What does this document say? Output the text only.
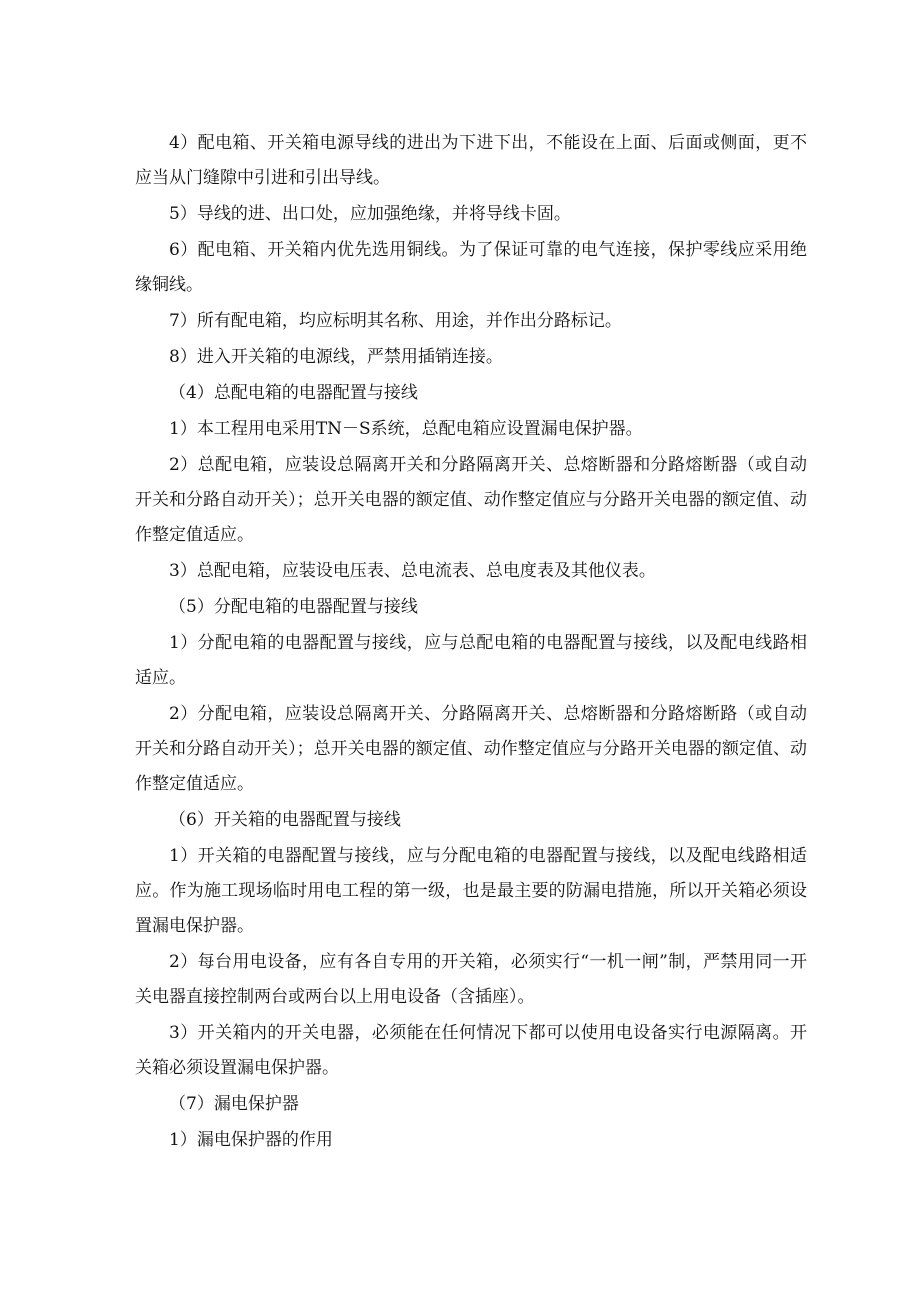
4）配电箱、开关箱电源导线的进出为下进下出，不能设在上面、后面或侧面，更不应当从门缝隙中引进和引出导线。

5）导线的进、出口处，应加强绝缘，并将导线卡固。

6）配电箱、开关箱内优先选用铜线。为了保证可靠的电气连接，保护零线应采用绝缘铜线。

7）所有配电箱，均应标明其名称、用途，并作出分路标记。

8）进入开关箱的电源线，严禁用插销连接。

（4）总配电箱的电器配置与接线

1）本工程用电采用TN－S系统，总配电箱应设置漏电保护器。

2）总配电箱，应装设总隔离开关和分路隔离开关、总熔断器和分路熔断器（或自动开关和分路自动开关）；总开关电器的额定值、动作整定值应与分路开关电器的额定值、动作整定值适应。

3）总配电箱，应装设电压表、总电流表、总电度表及其他仪表。

（5）分配电箱的电器配置与接线

1）分配电箱的电器配置与接线，应与总配电箱的电器配置与接线，以及配电线路相适应。

2）分配电箱，应装设总隔离开关、分路隔离开关、总熔断器和分路熔断路（或自动开关和分路自动开关）；总开关电器的额定值、动作整定值应与分路开关电器的额定值、动作整定值适应。

（6）开关箱的电器配置与接线

1）开关箱的电器配置与接线，应与分配电箱的电器配置与接线，以及配电线路相适应。作为施工现场临时用电工程的第一级，也是最主要的防漏电措施，所以开关箱必须设置漏电保护器。

2）每台用电设备，应有各自专用的开关箱，必须实行“一机一闸”制，严禁用同一开关电器直接控制两台或两台以上用电设备（含插座）。

3）开关箱内的开关电器，必须能在任何情况下都可以使用电设备实行电源隔离。开关箱必须设置漏电保护器。

（7）漏电保护器

1）漏电保护器的作用
